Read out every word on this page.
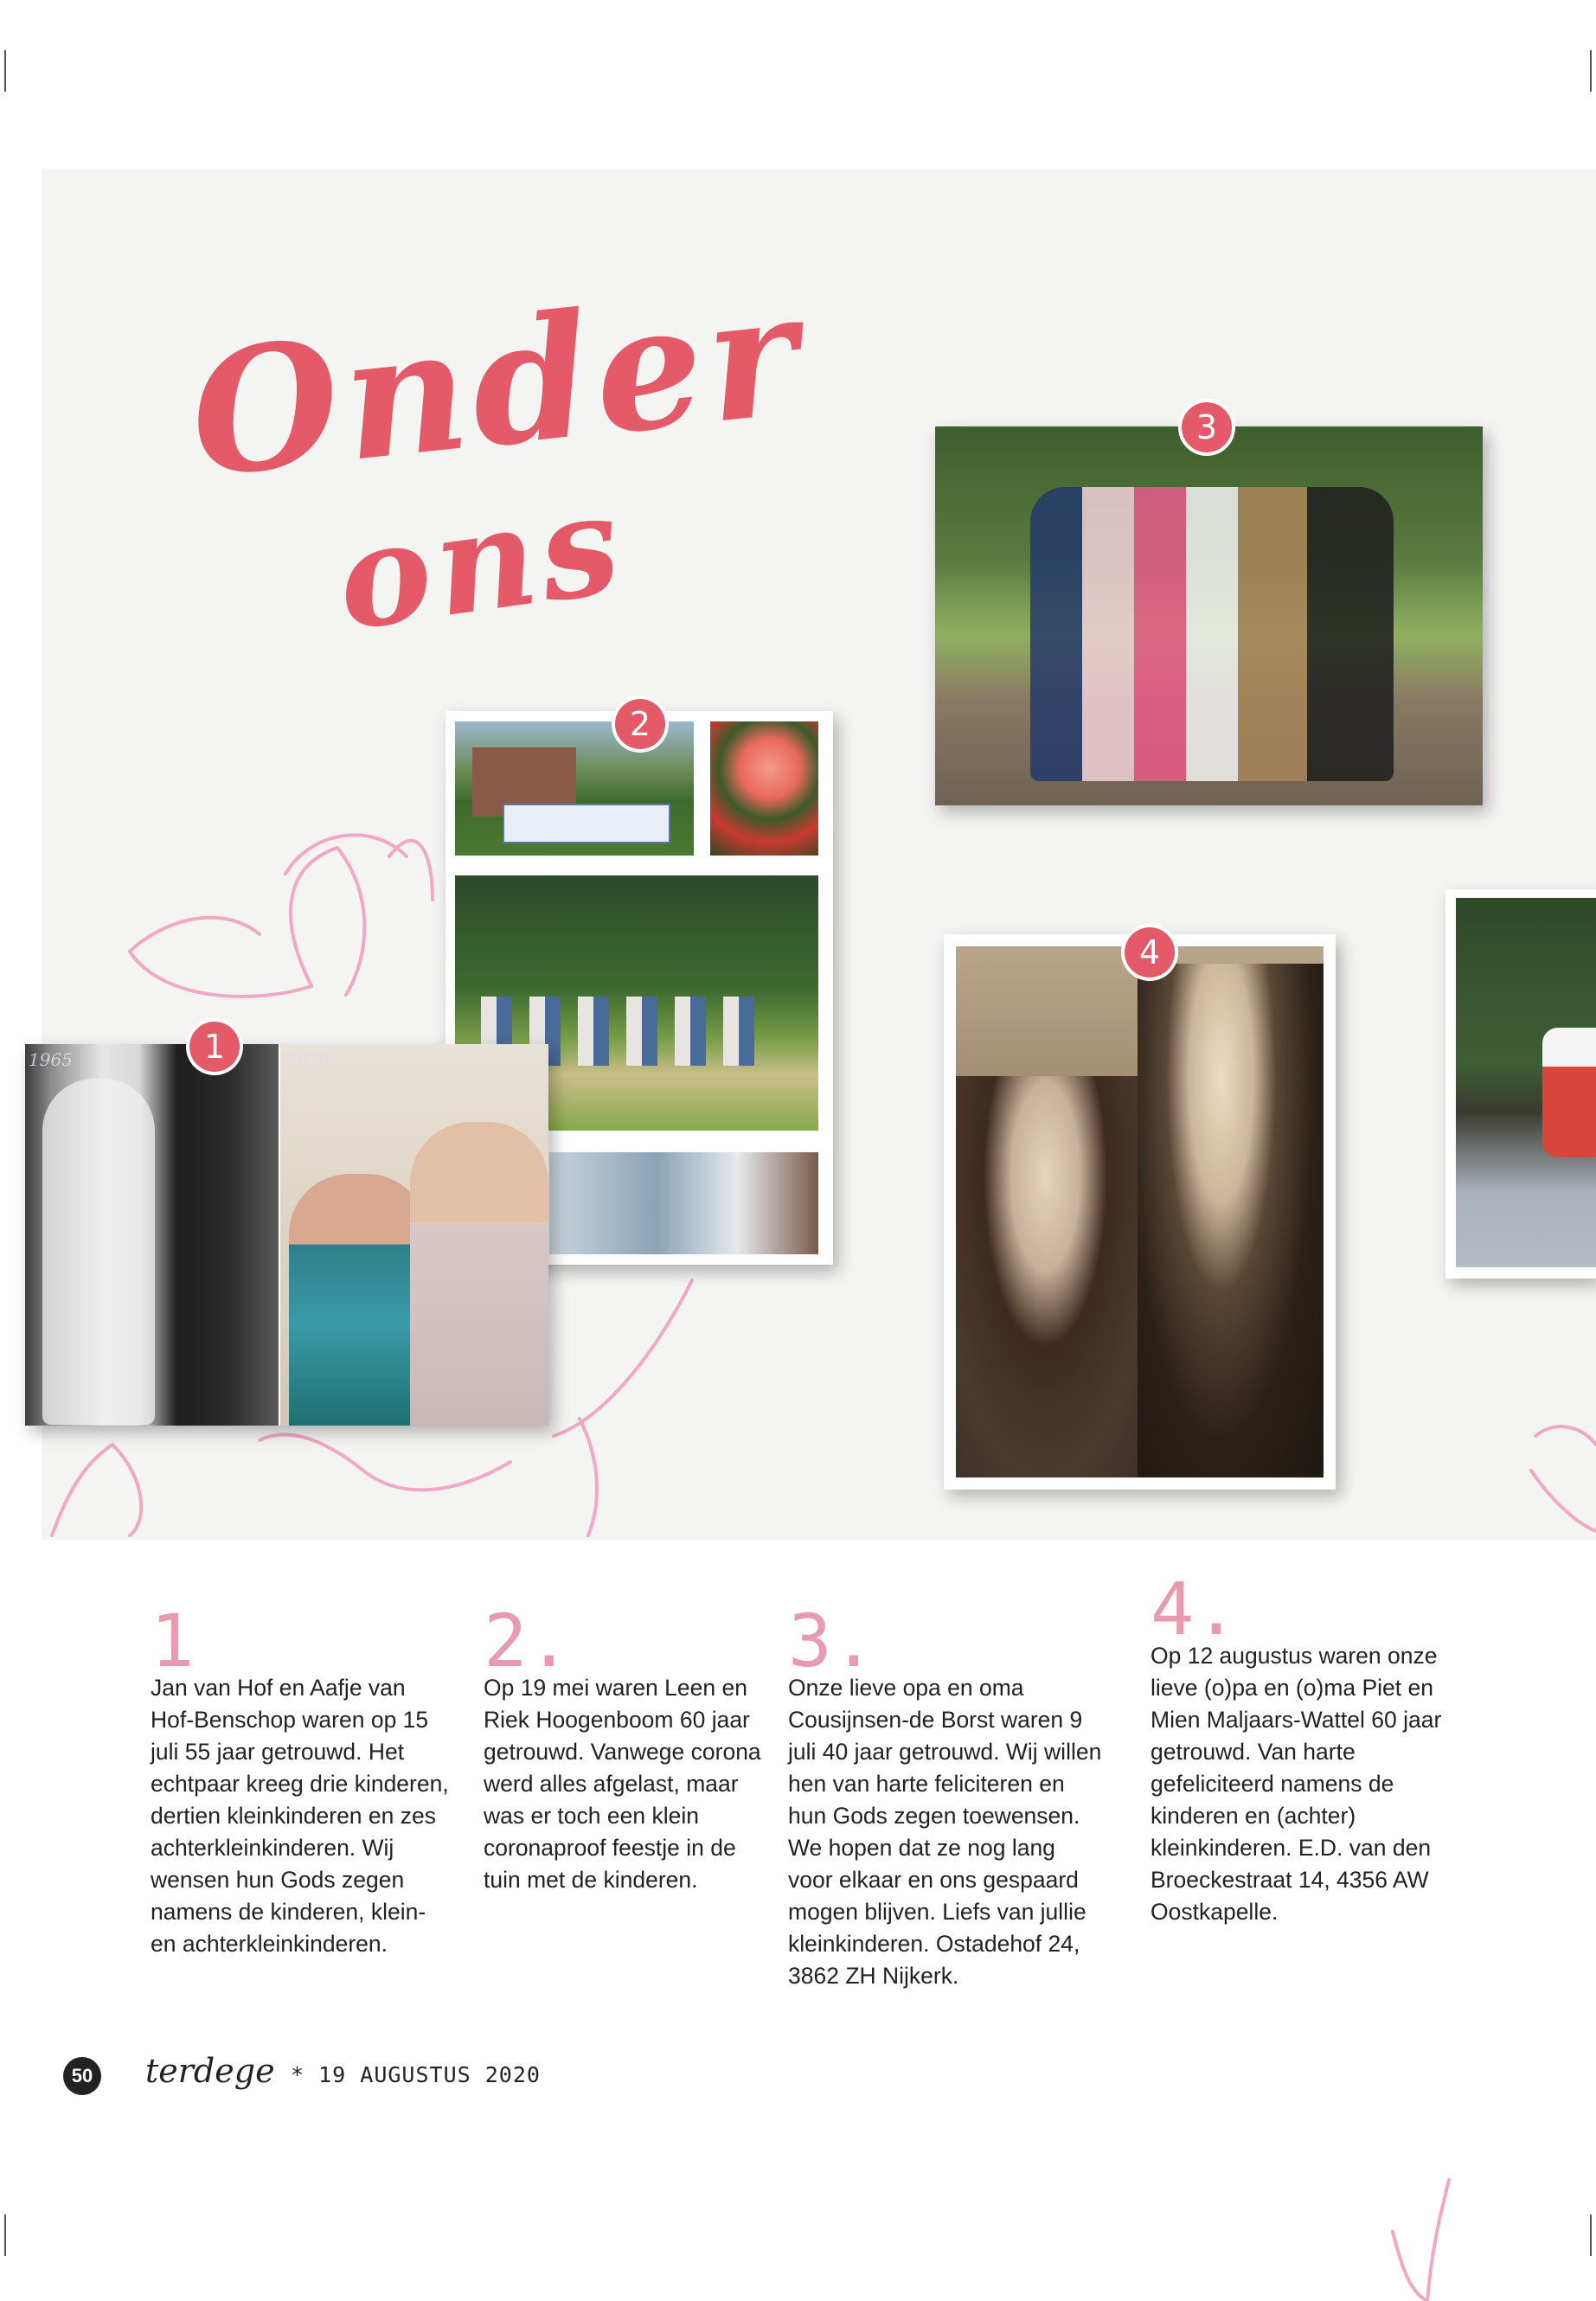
Onder
ons
2
1965	2020
1
3
4
1
Jan van Hof en Aafje van Hof-Benschop waren op 15 juli 55 jaar getrouwd. Het echtpaar kreeg drie kinderen, dertien kleinkinderen en zes achterkleinkinderen. Wij wensen hun Gods zegen namens de kinderen, klein- en achterkleinkinderen.
2.
Op 19 mei waren Leen en Riek Hoogenboom 60 jaar getrouwd. Vanwege corona werd alles afgelast, maar was er toch een klein coronaproof feestje in de tuin met de kinderen.
3.
Onze lieve opa en oma Cousijnsen-de Borst waren 9 juli 40 jaar getrouwd. Wij willen hen van harte feliciteren en hun Gods zegen toewensen. We hopen dat ze nog lang voor elkaar en ons gespaard mogen blijven. Liefs van jullie kleinkinderen. Ostadehof 24, 3862 ZH Nijkerk.
4.
Op 12 augustus waren onze lieve (o)pa en (o)ma Piet en Mien Maljaars-Wattel 60 jaar getrouwd. Van harte gefeliciteerd namens de kinderen en (achter) kleinkinderen. E.D. van den Broeckestraat 14, 4356 AW Oostkapelle.
50 terdege * 19 AUGUSTUS 2020
